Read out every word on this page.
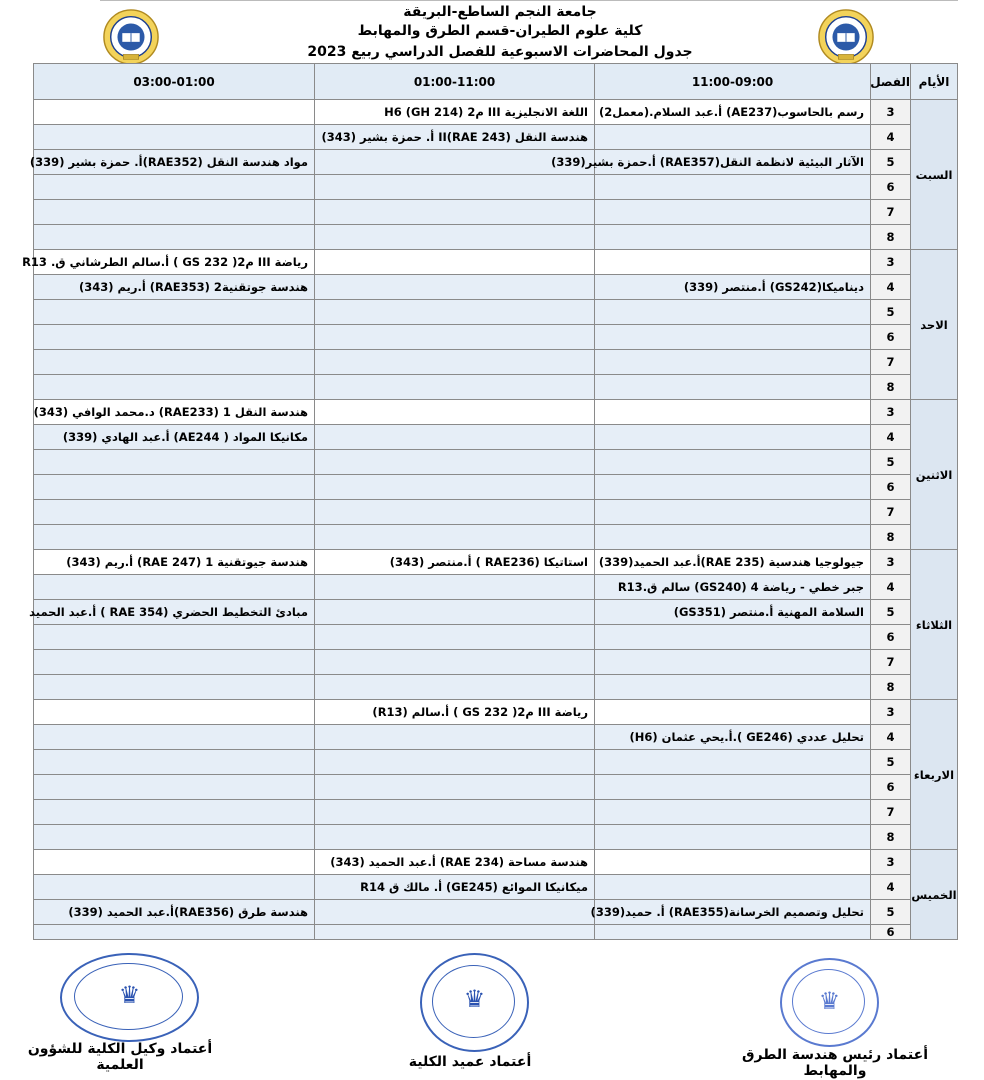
جامعة النجم الساطع-البريقة
كلية علوم الطيران-قسم الطرق والمهابط
جدول المحاضرات الاسبوعية للفصل الدراسي ربيع 2023
الأيام	الفصل	11:00-09:00	01:00-11:00	03:00-01:00
السبت	3	رسم بالحاسوب(AE237) أ.عبد السلام.(معمل2)	اللغة الانجليزية III م2 H6 (GH 214)	
	4		هندسة النقل II(RAE 243) أ. حمزة بشير (343)	
	5	الآثار البيئية لانظمة النقل(RAE357) أ.حمزة بشير(339)		مواد هندسة النقل (RAE352)أ. حمزة بشير (339)
	6			
	7			
	8			
الاحد	3			رياضة III م2( GS 232 ) أ.سالم الطرشاني ق. R13
	4	ديناميكا(GS242) أ.منتصر (339)		هندسة جوتقنية2 (RAE353) أ.ريم (343)
	5			
	6			
	7			
	8			
الاثنين	3			هندسة النقل 1 (RAE233) د.محمد الوافي (343)
	4			مكانيكا المواد ( AE244) أ.عبد الهادي (339)
	5			
	6			
	7			
	8			
الثلاثاء	3	جيولوجيا هندسية (RAE 235)أ.عبد الحميد(339)	استاتيكا (RAE236 ) أ.منتصر (343)	هندسة جيوتقنية 1 (RAE 247) أ.ريم (343)
	4	جبر خطي - رياضة 4 (GS240) سالم ق.R13		
	5	السلامة المهنية أ.منتصر (GS351)		مبادئ التخطيط الحضري (RAE 354 ) أ.عبد الحميد
	6			
	7			
	8			
الاربعاء	3		رياضة III م2( GS 232 ) أ.سالم (R13)	
	4	تحليل عددي (GE246 ).أ.يحي عثمان (H6)		
	5			
	6			
	7			
	8			
الخميس	3		هندسة مساحة (RAE 234) أ.عبد الحميد (343)	
	4		ميكانيكا الموائع (GE245) أ. مالك ق R14	
	5	تحليل وتصميم الخرسانة(RAE355) أ. حميد(339)		هندسة طرق (RAE356)أ.عبد الحميد (339)
	6			
♛	♛	♛
أعتماد وكيل الكلية للشؤون العلمية	أعتماد عميد الكلية	أعتماد رئيس هندسة الطرق والمهابط
